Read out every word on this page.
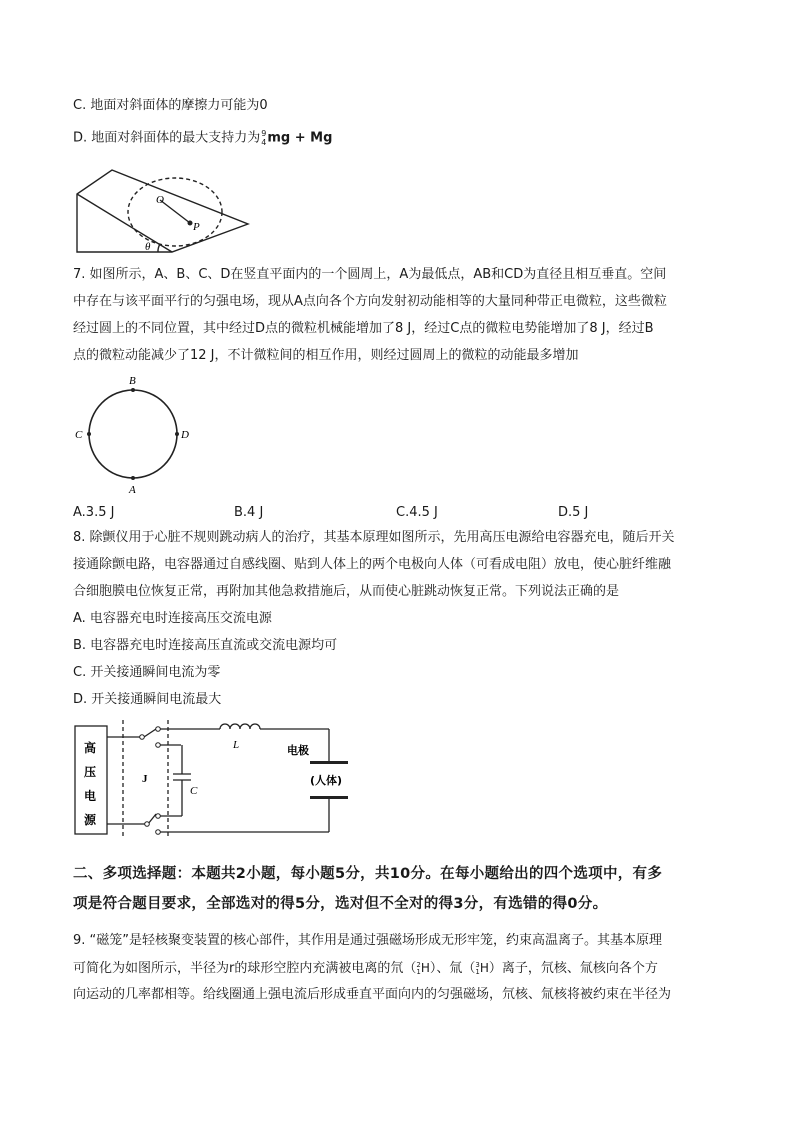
C. 地面对斜面体的摩擦力可能为0
D. 地面对斜面体的最大支持力为 9
4 mg + Mg
O
P
θ
7. 如图所示，A、B、C、D在竖直平面内的一个圆周上，A为最低点，AB和CD为直径且相互垂直。空间
中存在与该平面平行的匀强电场，现从A点向各个方向发射初动能相等的大量同种带正电微粒，这些微粒
经过圆上的不同位置，其中经过D点的微粒机械能增加了8 J，经过C点的微粒电势能增加了8 J，经过B
点的微粒动能减少了12 J，不计微粒间的相互作用，则经过圆周上的微粒的动能最多增加
B
A
C	D
A.3.5 J	B.4 J	C.4.5 J	D.5 J
8. 除颤仪用于心脏不规则跳动病人的治疗，其基本原理如图所示，先用高压电源给电容器充电，随后开关
接通除颤电路，电容器通过自感线圈、贴到人体上的两个电极向人体（可看成电阻）放电，使心脏纤维融
合细胞膜电位恢复正常，再附加其他急救措施后，从而使心脏跳动恢复正常。下列说法正确的是
A. 电容器充电时连接高压交流电源
B. 电容器充电时连接高压直流或交流电源均可
C. 开关接通瞬间电流为零
D. 开关接通瞬间电流最大
高
压
电
源
L
J
C
电极
(人体)
二、多项选择题：本题共2小题，每小题5分，共10分。在每小题给出的四个选项中，有多
项是符合题目要求，全部选对的得5分，选对但不全对的得3分，有选错的得0分。
9. “磁笼”是轻核聚变装置的核心部件，其作用是通过强磁场形成无形牢笼，约束高温离子。其基本原理
可简化为如图所示，半径为r的球形空腔内充满被电离的氘（ 2
1 H）、氚（ 3
1 H）离子，氘核、氚核向各个方
向运动的几率都相等。给线圈通上强电流后形成垂直平面向内的匀强磁场，氘核、氚核将被约束在半径为
